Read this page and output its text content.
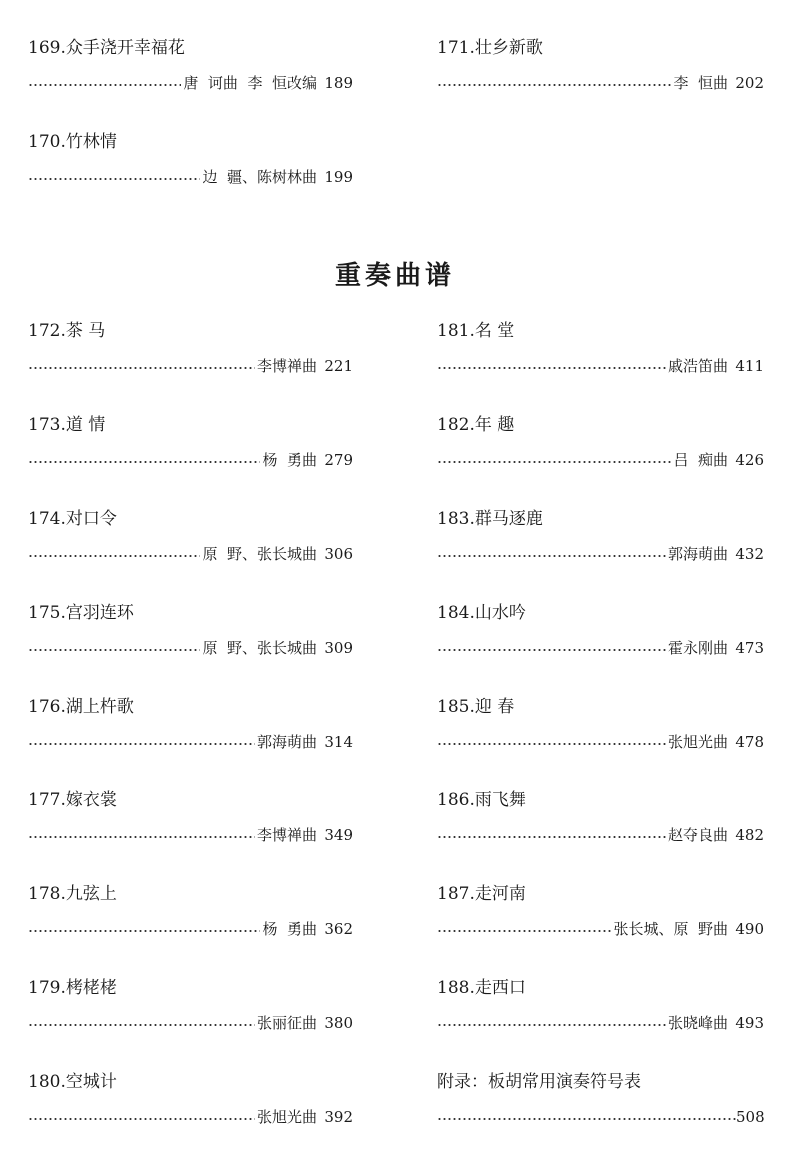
169.众手浇开幸福花
唐  诃曲  李  恒改编 189
170.竹林情
边  疆、陈树林曲 199
171.壮乡新歌
李  恒曲 202
重奏曲谱
172.茶 马
李博禅曲 221
173.道 情
杨  勇曲 279
174.对口令
原  野、张长城曲 306
175.宫羽连环
原  野、张长城曲 309
176.湖上杵歌
郭海萌曲 314
177.嫁衣裳
李博禅曲 349
178.九弦上
杨  勇曲 362
179.栲栳栳
张丽征曲 380
180.空城计
张旭光曲 392
181.名 堂
戚浩笛曲 411
182.年 趣
吕  痴曲 426
183.群马逐鹿
郭海萌曲 432
184.山水吟
霍永刚曲 473
185.迎 春
张旭光曲 478
186.雨飞舞
赵夺良曲 482
187.走河南
张长城、原  野曲 490
188.走西口
张晓峰曲 493
附录：板胡常用演奏符号表
508
